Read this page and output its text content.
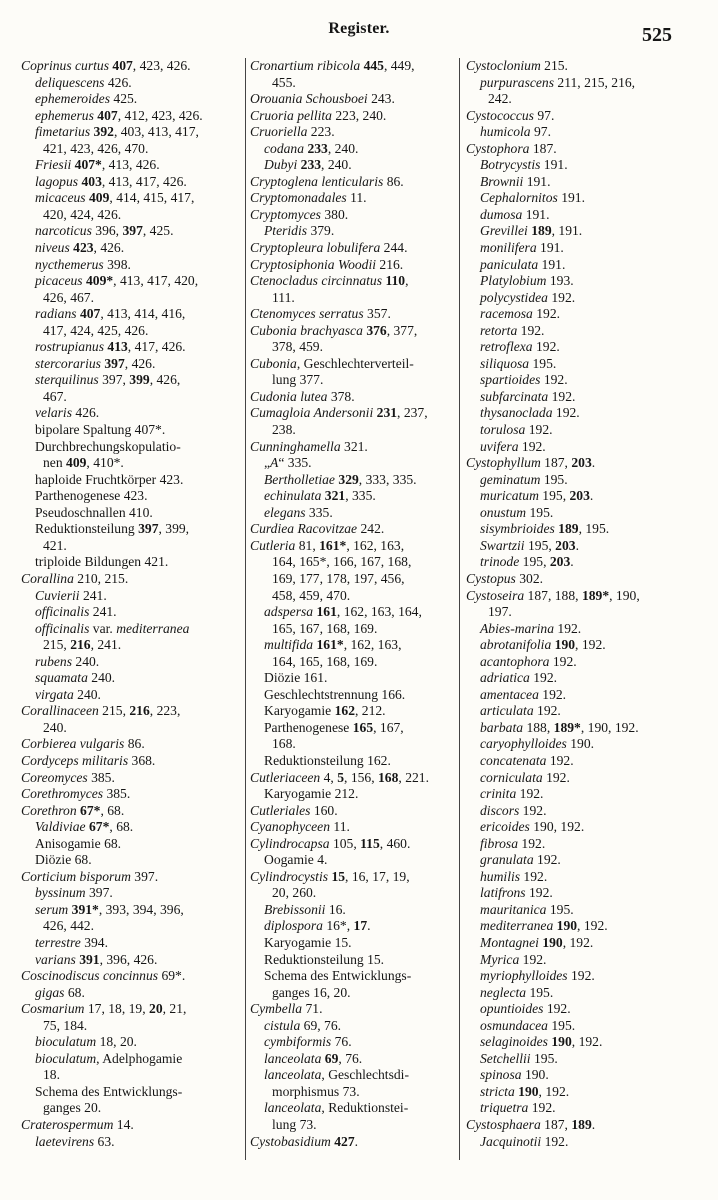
Register.	525
Coprinus curtus 407, 423, 426.
deliquescens 426.
ephemeroides 425.
ephemerus 407, 412, 423, 426.
fimetarius 392, 403, 413, 417,
421, 423, 426, 470.
Friesii 407*, 413, 426.
lagopus 403, 413, 417, 426.
micaceus 409, 414, 415, 417,
420, 424, 426.
narcoticus 396, 397, 425.
niveus 423, 426.
nycthemerus 398.
picaceus 409*, 413, 417, 420,
426, 467.
radians 407, 413, 414, 416,
417, 424, 425, 426.
rostrupianus 413, 417, 426.
stercorarius 397, 426.
sterquilinus 397, 399, 426,
467.
velaris 426.
bipolare Spaltung 407*.
Durchbrechungskopulatio-
nen 409, 410*.
haploide Fruchtkörper 423.
Parthenogenese 423.
Pseudoschnallen 410.
Reduktionsteilung 397, 399,
421.
triploide Bildungen 421.
Corallina 210, 215.
Cuvierii 241.
officinalis 241.
officinalis var. mediterranea
215, 216, 241.
rubens 240.
squamata 240.
virgata 240.
Corallinaceen 215, 216, 223,
240.
Corbierea vulgaris 86.
Cordyceps militaris 368.
Coreomyces 385.
Corethromyces 385.
Corethron 67*, 68.
Valdiviae 67*, 68.
Anisogamie 68.
Diözie 68.
Corticium bisporum 397.
byssinum 397.
serum 391*, 393, 394, 396,
426, 442.
terrestre 394.
varians 391, 396, 426.
Coscinodiscus concinnus 69*.
gigas 68.
Cosmarium 17, 18, 19, 20, 21,
75, 184.
bioculatum 18, 20.
bioculatum, Adelphogamie
18.
Schema des Entwicklungs-
ganges 20.
Craterospermum 14.
laetevirens 63.
Cronartium ribicola 445, 449,
455.
Orouania Schousboei 243.
Cruoria pellita 223, 240.
Cruoriella 223.
codana 233, 240.
Dubyi 233, 240.
Cryptoglena lenticularis 86.
Cryptomonadales 11.
Cryptomyces 380.
Pteridis 379.
Cryptopleura lobulifera 244.
Cryptosiphonia Woodii 216.
Ctenocladus circinnatus 110,
111.
Ctenomyces serratus 357.
Cubonia brachyasca 376, 377,
378, 459.
Cubonia, Geschlechterverteil-
lung 377.
Cudonia lutea 378.
Cumagloia Andersonii 231, 237,
238.
Cunninghamella 321.
„A“ 335.
Bertholletiae 329, 333, 335.
echinulata 321, 335.
elegans 335.
Curdiea Racovitzae 242.
Cutleria 81, 161*, 162, 163,
164, 165*, 166, 167, 168,
169, 177, 178, 197, 456,
458, 459, 470.
adspersa 161, 162, 163, 164,
165, 167, 168, 169.
multifida 161*, 162, 163,
164, 165, 168, 169.
Diözie 161.
Geschlechtstrennung 166.
Karyogamie 162, 212.
Parthenogenese 165, 167,
168.
Reduktionsteilung 162.
Cutleriaceen 4, 5, 156, 168, 221.
Karyogamie 212.
Cutleriales 160.
Cyanophyceen 11.
Cylindrocapsa 105, 115, 460.
Oogamie 4.
Cylindrocystis 15, 16, 17, 19,
20, 260.
Brebissonii 16.
diplospora 16*, 17.
Karyogamie 15.
Reduktionsteilung 15.
Schema des Entwicklungs-
ganges 16, 20.
Cymbella 71.
cistula 69, 76.
cymbiformis 76.
lanceolata 69, 76.
lanceolata, Geschlechtsdi-
morphismus 73.
lanceolata, Reduktionstei-
lung 73.
Cystobasidium 427.
Cystoclonium 215.
purpurascens 211, 215, 216,
242.
Cystococcus 97.
humicola 97.
Cystophora 187.
Botrycystis 191.
Brownii 191.
Cephalornitos 191.
dumosa 191.
Grevillei 189, 191.
monilifera 191.
paniculata 191.
Platylobium 193.
polycystidea 192.
racemosa 192.
retorta 192.
retroflexa 192.
siliquosa 195.
spartioides 192.
subfarcinata 192.
thysanoclada 192.
torulosa 192.
uvifera 192.
Cystophyllum 187, 203.
geminatum 195.
muricatum 195, 203.
onustum 195.
sisymbrioides 189, 195.
Swartzii 195, 203.
trinode 195, 203.
Cystopus 302.
Cystoseira 187, 188, 189*, 190,
197.
Abies-marina 192.
abrotanifolia 190, 192.
acantophora 192.
adriatica 192.
amentacea 192.
articulata 192.
barbata 188, 189*, 190, 192.
caryophylloides 190.
concatenata 192.
corniculata 192.
crinita 192.
discors 192.
ericoides 190, 192.
fibrosa 192.
granulata 192.
humilis 192.
latifrons 192.
mauritanica 195.
mediterranea 190, 192.
Montagnei 190, 192.
Myrica 192.
myriophylloides 192.
neglecta 195.
opuntioides 192.
osmundacea 195.
selaginoides 190, 192.
Setchellii 195.
spinosa 190.
stricta 190, 192.
triquetra 192.
Cystosphaera 187, 189.
Jacquinotii 192.
